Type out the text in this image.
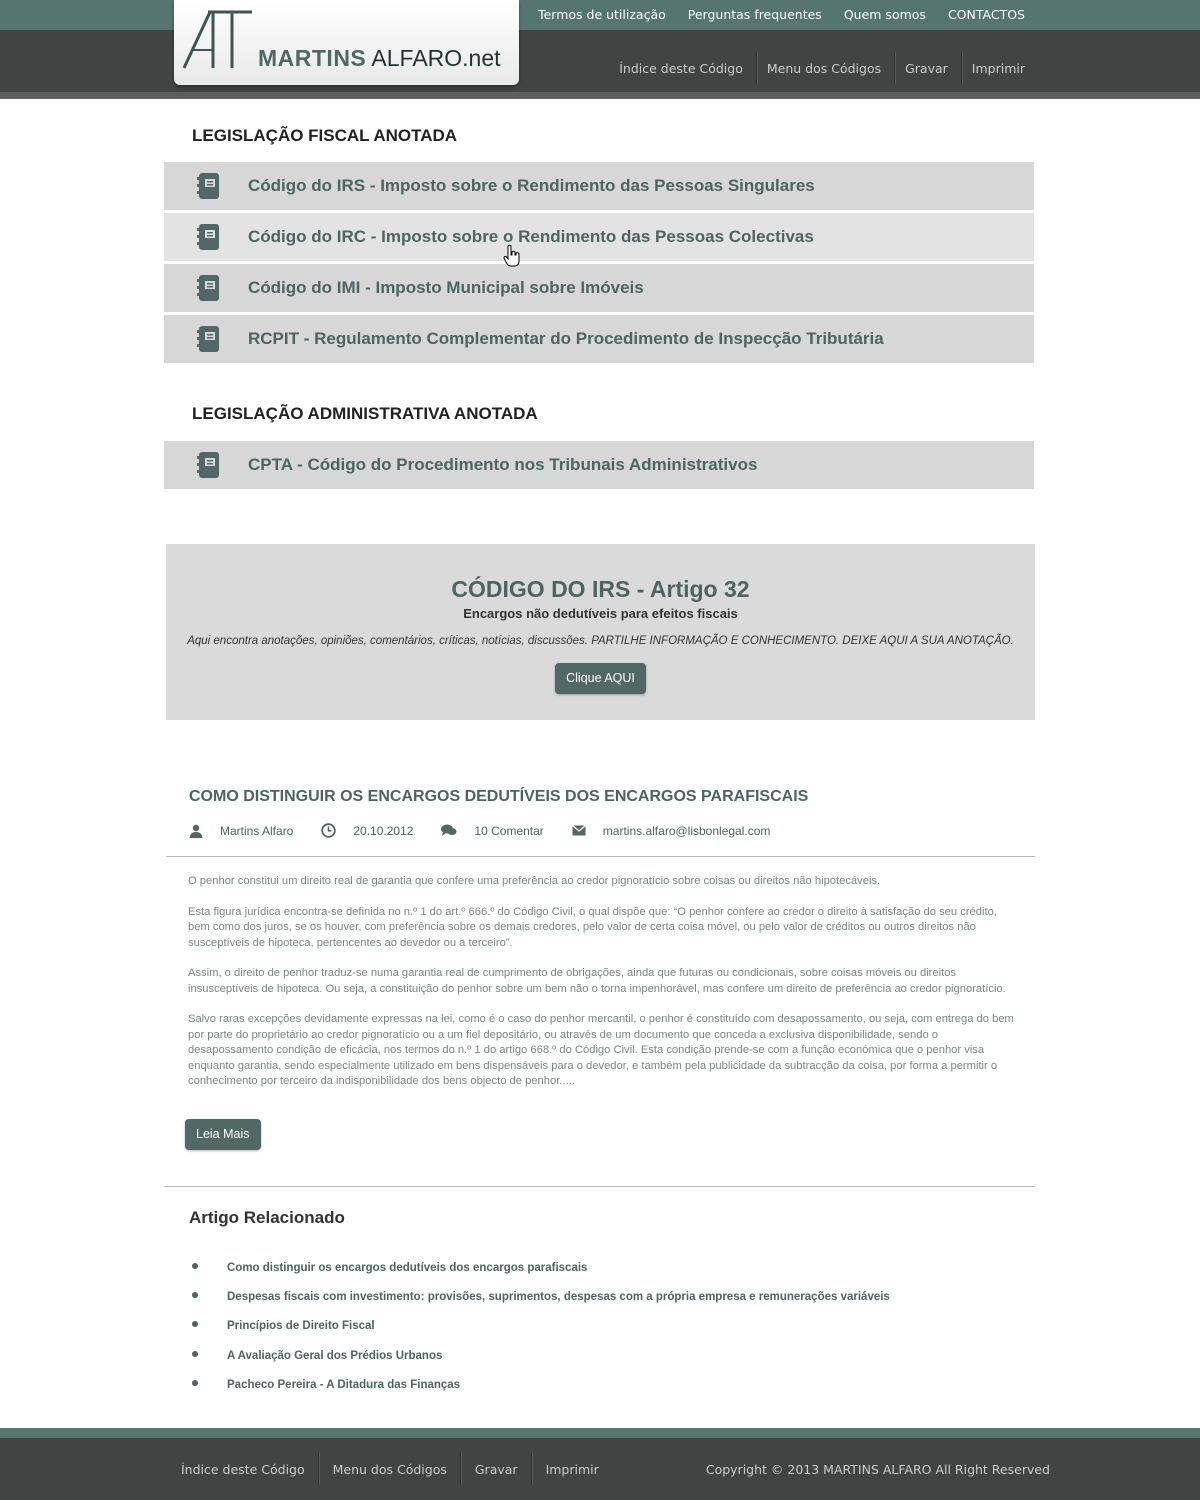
Termos de utilização Perguntas frequentes Quem somos CONTACTOS
Índice deste Código Menu dos Códigos Gravar Imprimir
MARTINS ALFARO.net
LEGISLAÇÃO FISCAL ANOTADA
Código do IRS - Imposto sobre o Rendimento das Pessoas Singulares
Código do IRC - Imposto sobre o Rendimento das Pessoas Colectivas
Código do IMI - Imposto Municipal sobre Imóveis
RCPIT - Regulamento Complementar do Procedimento de Inspecção Tributária
LEGISLAÇÃO ADMINISTRATIVA ANOTADA
CPTA - Código do Procedimento nos Tribunais Administrativos
CÓDIGO DO IRS - Artigo 32
Encargos não dedutíveis para efeitos fiscais
Aqui encontra anotações, opiniões, comentários, críticas, notícias, discussões. PARTILHE INFORMAÇÃO E CONHECIMENTO. DEIXE AQUI A SUA ANOTAÇÃO.
Clique AQUI
COMO DISTINGUIR OS ENCARGOS DEDUTÍVEIS DOS ENCARGOS PARAFISCAIS
Martins Alfaro	20.10.2012	10 Comentar	martins.alfaro@lisbonlegal.com

O penhor constitui um direito real de garantia que confere uma preferência ao credor pignoratício sobre coisas ou direitos não hipotecáveis.

Esta figura jurídica encontra-se definida no n.º 1 do art.º 666.º do Código Civil, o qual dispõe que: “O penhor confere ao credor o direito à satisfação do seu crédito, bem como dos juros, se os houver, com preferência sobre os demais credores, pelo valor de certa coisa móvel, ou pelo valor de créditos ou outros direitos não susceptíveis de hipoteca, pertencentes ao devedor ou a terceiro”.

Assim, o direito de penhor traduz-se numa garantia real de cumprimento de obrigações, ainda que futuras ou condicionais, sobre coisas móveis ou direitos insusceptíveis de hipoteca. Ou seja, a constituição do penhor sobre um bem não o torna impenhorável, mas confere um direito de preferência ao credor pignoratício.

Salvo raras excepções devidamente expressas na lei, como é o caso do penhor mercantil, o penhor é constituído com desapossamento, ou seja, com entrega do bem por parte do proprietário ao credor pignoratício ou a um fiel depositário, ou através de um documento que conceda a exclusiva disponibilidade, sendo o desapossamento condição de eficácia, nos termos do n.º 1 do artigo 668.º do Código Civil. Esta condição prende-se com a função económica que o penhor visa enquanto garantia, sendo especialmente utilizado em bens dispensáveis para o devedor, e também pela publicidade da subtracção da coisa, por forma a permitir o conhecimento por terceiro da indisponibilidade dos bens objecto de penhor.....

Leia Mais
Artigo Relacionado
Como distinguir os encargos dedutíveis dos encargos parafiscais
Despesas fiscais com investimento: provisões, suprimentos, despesas com a própria empresa e remunerações variáveis
Princípios de Direito Fiscal
A Avaliação Geral dos Prédios Urbanos
Pacheco Pereira - A Ditadura das Finanças
Índice deste Código Menu dos Códigos Gravar Imprimir	Copyright © 2013 MARTINS ALFARO All Right Reserved
